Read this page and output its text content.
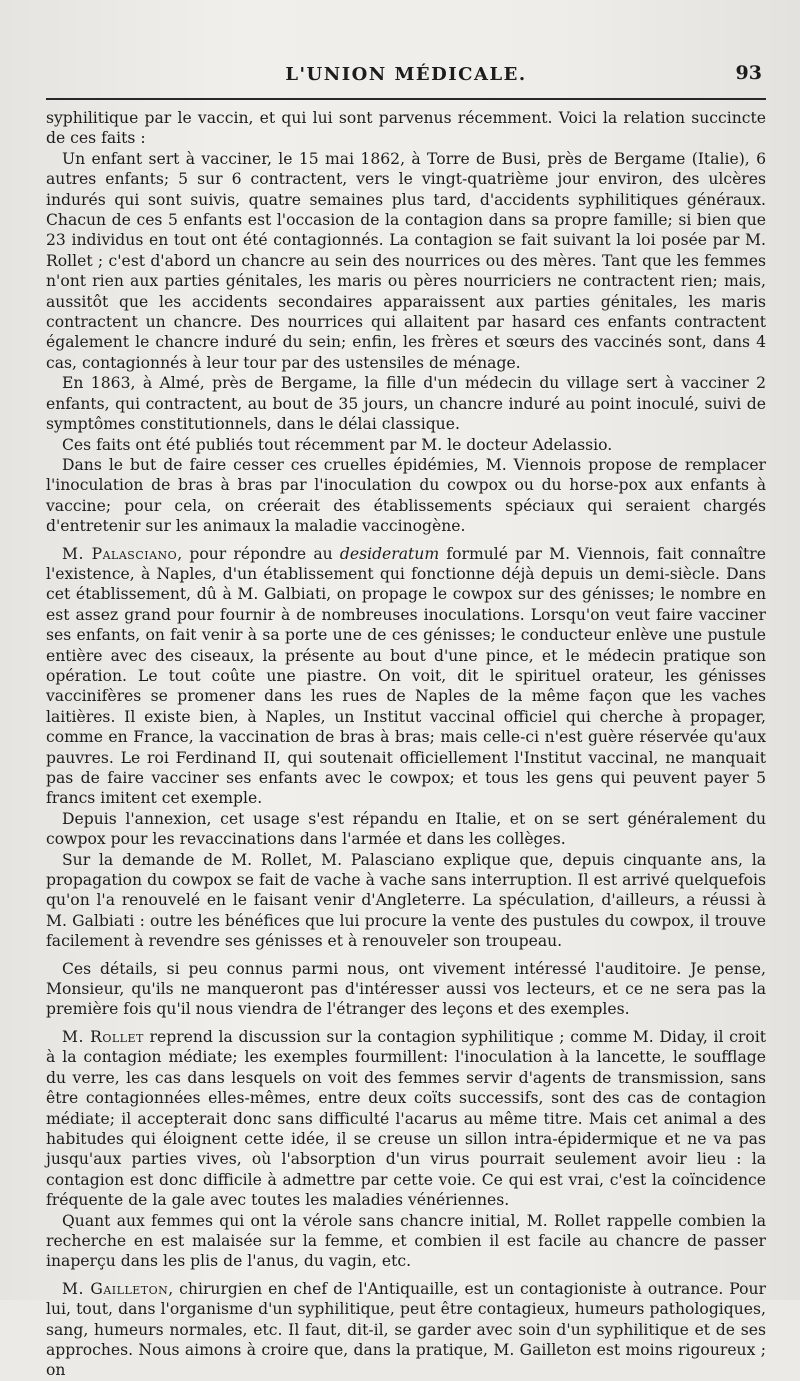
L'UNION MÉDICALE.	93

syphilitique par le vaccin, et qui lui sont parvenus récemment. Voici la relation succincte de ces faits :

Un enfant sert à vacciner, le 15 mai 1862, à Torre de Busi, près de Bergame (Italie), 6 autres enfants; 5 sur 6 contractent, vers le vingt-quatrième jour environ, des ulcères indurés qui sont suivis, quatre semaines plus tard, d'accidents syphilitiques généraux. Chacun de ces 5 enfants est l'occasion de la contagion dans sa propre famille; si bien que 23 individus en tout ont été contagionnés. La contagion se fait suivant la loi posée par M. Rollet ; c'est d'abord un chancre au sein des nourrices ou des mères. Tant que les femmes n'ont rien aux parties génitales, les maris ou pères nourriciers ne contractent rien; mais, aussitôt que les accidents secondaires apparaissent aux parties génitales, les maris contractent un chancre. Des nourrices qui allaitent par hasard ces enfants contractent également le chancre induré du sein; enfin, les frères et sœurs des vaccinés sont, dans 4 cas, contagionnés à leur tour par des ustensiles de ménage.

En 1863, à Almé, près de Bergame, la fille d'un médecin du village sert à vacciner 2 enfants, qui contractent, au bout de 35 jours, un chancre induré au point inoculé, suivi de symptômes constitutionnels, dans le délai classique.

Ces faits ont été publiés tout récemment par M. le docteur Adelassio.

Dans le but de faire cesser ces cruelles épidémies, M. Viennois propose de remplacer l'inoculation de bras à bras par l'inoculation du cowpox ou du horse-pox aux enfants à vaccine; pour cela, on créerait des établissements spéciaux qui seraient chargés d'entretenir sur les animaux la maladie vaccinogène.

M. Palasciano, pour répondre au desideratum formulé par M. Viennois, fait connaître l'existence, à Naples, d'un établissement qui fonctionne déjà depuis un demi-siècle. Dans cet établissement, dû à M. Galbiati, on propage le cowpox sur des génisses; le nombre en est assez grand pour fournir à de nombreuses inoculations. Lorsqu'on veut faire vacciner ses enfants, on fait venir à sa porte une de ces génisses; le conducteur enlève une pustule entière avec des ciseaux, la présente au bout d'une pince, et le médecin pratique son opération. Le tout coûte une piastre. On voit, dit le spirituel orateur, les génisses vaccinifères se promener dans les rues de Naples de la même façon que les vaches laitières. Il existe bien, à Naples, un Institut vaccinal officiel qui cherche à propager, comme en France, la vaccination de bras à bras; mais celle-ci n'est guère réservée qu'aux pauvres. Le roi Ferdinand II, qui soutenait officiellement l'Institut vaccinal, ne manquait pas de faire vacciner ses enfants avec le cowpox; et tous les gens qui peuvent payer 5 francs imitent cet exemple.

Depuis l'annexion, cet usage s'est répandu en Italie, et on se sert généralement du cowpox pour les revaccinations dans l'armée et dans les collèges.

Sur la demande de M. Rollet, M. Palasciano explique que, depuis cinquante ans, la propagation du cowpox se fait de vache à vache sans interruption. Il est arrivé quelquefois qu'on l'a renouvelé en le faisant venir d'Angleterre. La spéculation, d'ailleurs, a réussi à M. Galbiati : outre les bénéfices que lui procure la vente des pustules du cowpox, il trouve facilement à revendre ses génisses et à renouveler son troupeau.

Ces détails, si peu connus parmi nous, ont vivement intéressé l'auditoire. Je pense, Monsieur, qu'ils ne manqueront pas d'intéresser aussi vos lecteurs, et ce ne sera pas la première fois qu'il nous viendra de l'étranger des leçons et des exemples.

M. Rollet reprend la discussion sur la contagion syphilitique ; comme M. Diday, il croit à la contagion médiate; les exemples fourmillent: l'inoculation à la lancette, le soufflage du verre, les cas dans lesquels on voit des femmes servir d'agents de transmission, sans être contagionnées elles-mêmes, entre deux coïts successifs, sont des cas de contagion médiate; il accepterait donc sans difficulté l'acarus au même titre. Mais cet animal a des habitudes qui éloignent cette idée, il se creuse un sillon intra-épidermique et ne va pas jusqu'aux parties vives, où l'absorption d'un virus pourrait seulement avoir lieu : la contagion est donc difficile à admettre par cette voie. Ce qui est vrai, c'est la coïncidence fréquente de la gale avec toutes les maladies vénériennes.

Quant aux femmes qui ont la vérole sans chancre initial, M. Rollet rappelle combien la recherche en est malaisée sur la femme, et combien il est facile au chancre de passer inaperçu dans les plis de l'anus, du vagin, etc.

M. Gailleton, chirurgien en chef de l'Antiquaille, est un contagioniste à outrance. Pour lui, tout, dans l'organisme d'un syphilitique, peut être contagieux, humeurs pathologiques, sang, humeurs normales, etc. Il faut, dit-il, se garder avec soin d'un syphilitique et de ses approches. Nous aimons à croire que, dans la pratique, M. Gailleton est moins rigoureux ; on
